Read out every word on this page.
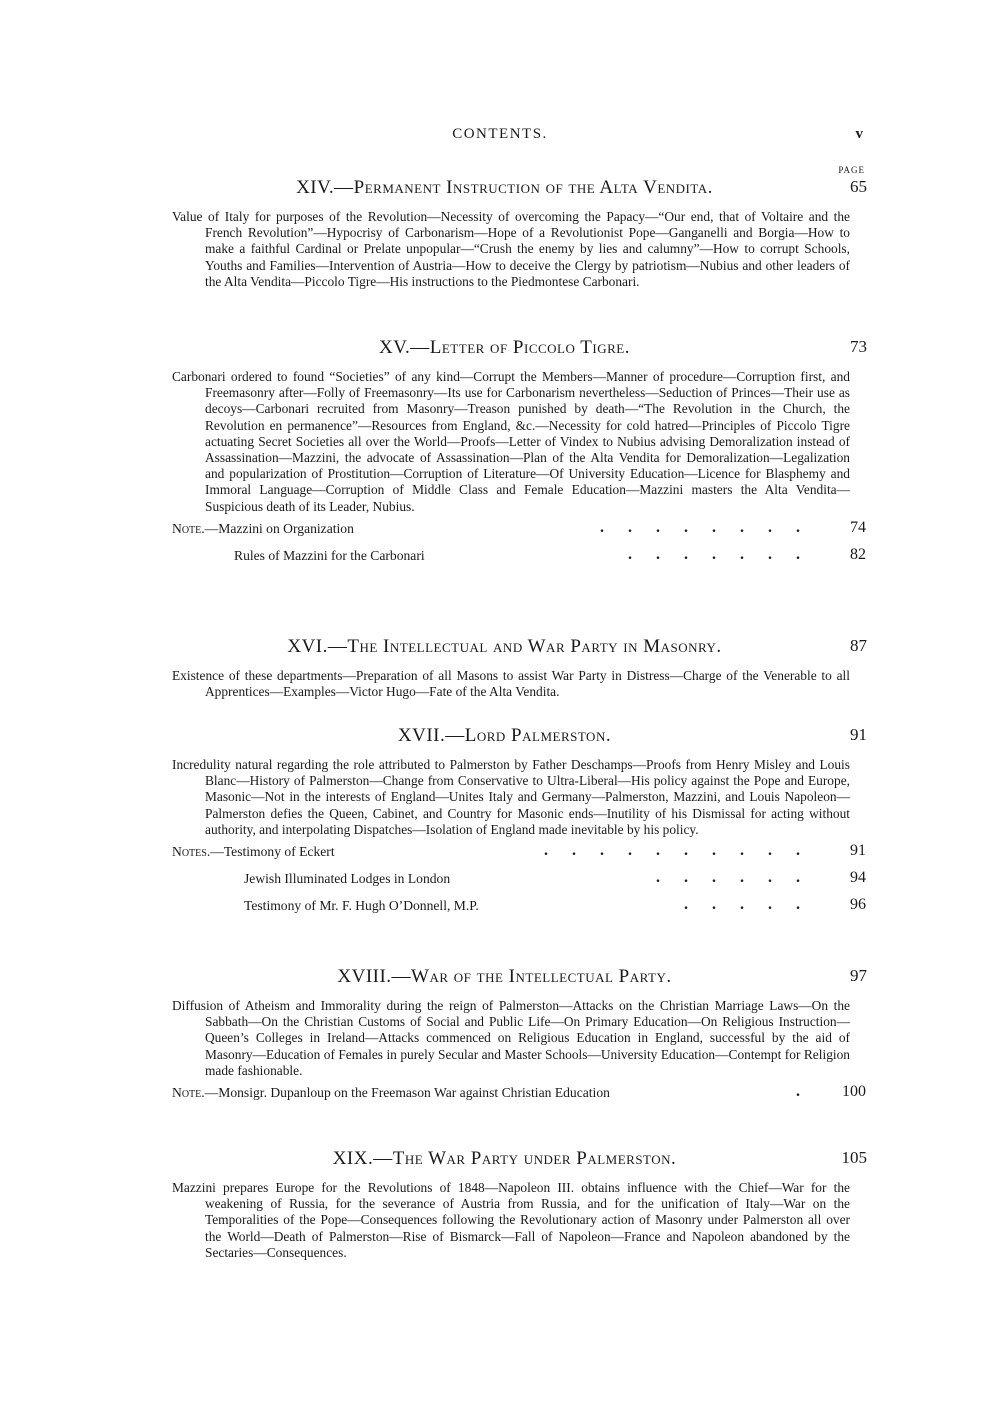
CONTENTS.	v
PAGE
XIV.—Permanent Instruction of the Alta Vendita.	65
Value of Italy for purposes of the Revolution—Necessity of overcoming the Papacy—“Our end, that of Voltaire and the French Revolution”—Hypocrisy of Carbonarism—Hope of a Revolutionist Pope—Ganganelli and Borgia—How to make a faithful Cardinal or Prelate unpopular—“Crush the enemy by lies and calumny”—How to corrupt Schools, Youths and Families—Intervention of Austria—How to deceive the Clergy by patriotism—Nubius and other leaders of the Alta Vendita—Piccolo Tigre—His instructions to the Piedmontese Carbonari.
XV.—Letter of Piccolo Tigre.	73
Carbonari ordered to found “Societies” of any kind—Corrupt the Members—Manner of procedure—Corruption first, and Freemasonry after—Folly of Freemasonry—Its use for Carbonarism nevertheless—Seduction of Princes—Their use as decoys—Carbonari recruited from Masonry—Treason punished by death—“The Revolution in the Church, the Revolution en permanence”—Resources from England, &c.—Necessity for cold hatred—Principles of Piccolo Tigre actuating Secret Societies all over the World—Proofs—Letter of Vindex to Nubius advising Demoralization instead of Assassination—Mazzini, the advocate of Assassination—Plan of the Alta Vendita for Demoralization—Legalization and popularization of Prostitution—Corruption of Literature—Of University Education—Licence for Blasphemy and Immoral Language—Corruption of Middle Class and Female Education—Mazzini masters the Alta Vendita—Suspicious death of its Leader, Nubius.
Note.—Mazzini on Organization	........ 74
Rules of Mazzini for the Carbonari	....... 82
XVI.—The Intellectual and War Party in Masonry.	87
Existence of these departments—Preparation of all Masons to assist War Party in Distress—Charge of the Venerable to all Apprentices—Examples—Victor Hugo—Fate of the Alta Vendita.
XVII.—Lord Palmerston.	91
Incredulity natural regarding the role attributed to Palmerston by Father Deschamps—Proofs from Henry Misley and Louis Blanc—History of Palmerston—Change from Conservative to Ultra-Liberal—His policy against the Pope and Europe, Masonic—Not in the interests of England—Unites Italy and Germany—Palmerston, Mazzini, and Louis Napoleon—Palmerston defies the Queen, Cabinet, and Country for Masonic ends—Inutility of his Dismissal for acting without authority, and interpolating Dispatches—Isolation of England made inevitable by his policy.
Notes.—Testimony of Eckert	.......... 91
Jewish Illuminated Lodges in London	...... 94
Testimony of Mr. F. Hugh O’Donnell, M.P.	..... 96
XVIII.—War of the Intellectual Party.	97
Diffusion of Atheism and Immorality during the reign of Palmerston—Attacks on the Christian Marriage Laws—On the Sabbath—On the Christian Customs of Social and Public Life—On Primary Education—On Religious Instruction—Queen’s Colleges in Ireland—Attacks commenced on Religious Education in England, successful by the aid of Masonry—Education of Females in purely Secular and Master Schools—University Education—Contempt for Religion made fashionable.
Note.—Monsigr. Dupanloup on the Freemason War against Christian Education	. 100
XIX.—The War Party under Palmerston.	105
Mazzini prepares Europe for the Revolutions of 1848—Napoleon III. obtains influence with the Chief—War for the weakening of Russia, for the severance of Austria from Russia, and for the unification of Italy—War on the Temporalities of the Pope—Consequences following the Revolutionary action of Masonry under Palmerston all over the World—Death of Palmerston—Rise of Bismarck—Fall of Napoleon—France and Napoleon abandoned by the Sectaries—Consequences.
